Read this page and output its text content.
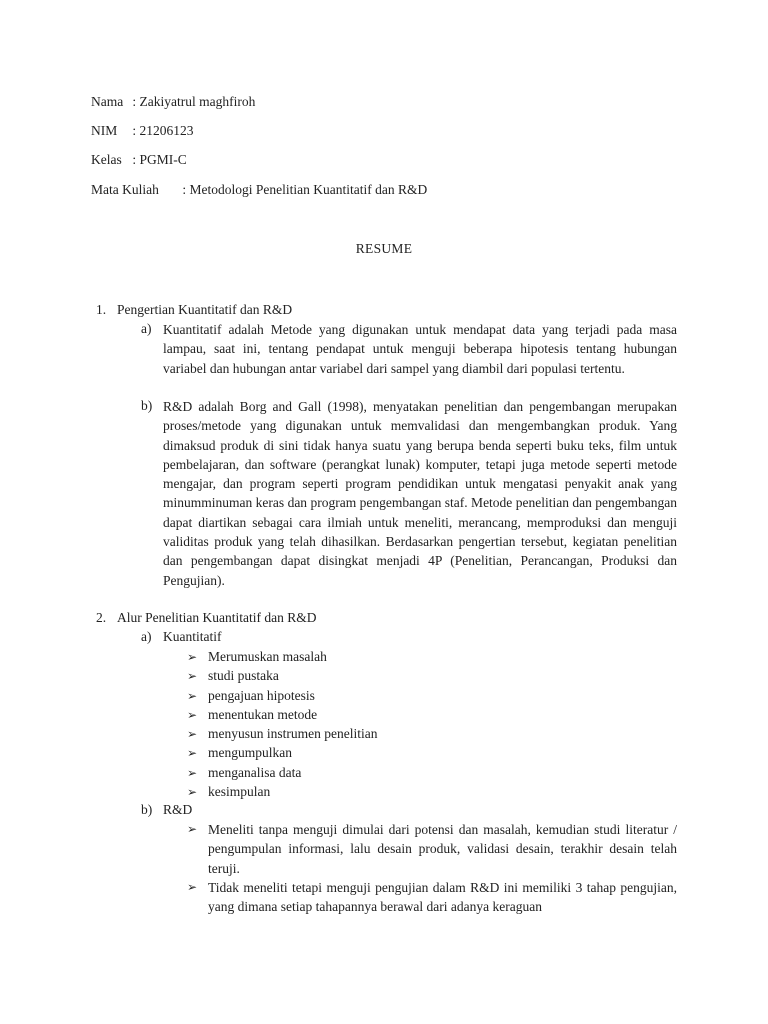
Nama : Zakiyatrul maghfiroh
NIM : 21206123
Kelas : PGMI-C
Mata Kuliah : Metodologi Penelitian Kuantitatif dan R&D
RESUME
1. Pengertian Kuantitatif dan R&D
a) Kuantitatif adalah Metode yang digunakan untuk mendapat data yang terjadi pada masa lampau, saat ini, tentang pendapat untuk menguji beberapa hipotesis tentang hubungan variabel dan hubungan antar variabel dari sampel yang diambil dari populasi tertentu.

b) R&D adalah Borg and Gall (1998), menyatakan penelitian dan pengembangan merupakan proses/metode yang digunakan untuk memvalidasi dan mengembangkan produk. Yang dimaksud produk di sini tidak hanya suatu yang berupa benda seperti buku teks, film untuk pembelajaran, dan software (perangkat lunak) komputer, tetapi juga metode seperti metode mengajar, dan program seperti program pendidikan untuk mengatasi penyakit anak yang minumminuman keras dan program pengembangan staf. Metode penelitian dan pengembangan dapat diartikan sebagai cara ilmiah untuk meneliti, merancang, memproduksi dan menguji validitas produk yang telah dihasilkan. Berdasarkan pengertian tersebut, kegiatan penelitian dan pengembangan dapat disingkat menjadi 4P (Penelitian, Perancangan, Produksi dan Pengujian).

2. Alur Penelitian Kuantitatif dan R&D
a) Kuantitatif
➢ Merumuskan masalah
➢ studi pustaka
➢ pengajuan hipotesis
➢ menentukan metode
➢ menyusun instrumen penelitian
➢ mengumpulkan
➢ menganalisa data
➢ kesimpulan
b) R&D
➢ Meneliti tanpa menguji dimulai dari potensi dan masalah, kemudian studi literatur / pengumpulan informasi, lalu desain produk, validasi desain, terakhir desain telah teruji.
➢ Tidak meneliti tetapi menguji pengujian dalam R&D ini memiliki 3 tahap pengujian, yang dimana setiap tahapannya berawal dari adanya keraguan
